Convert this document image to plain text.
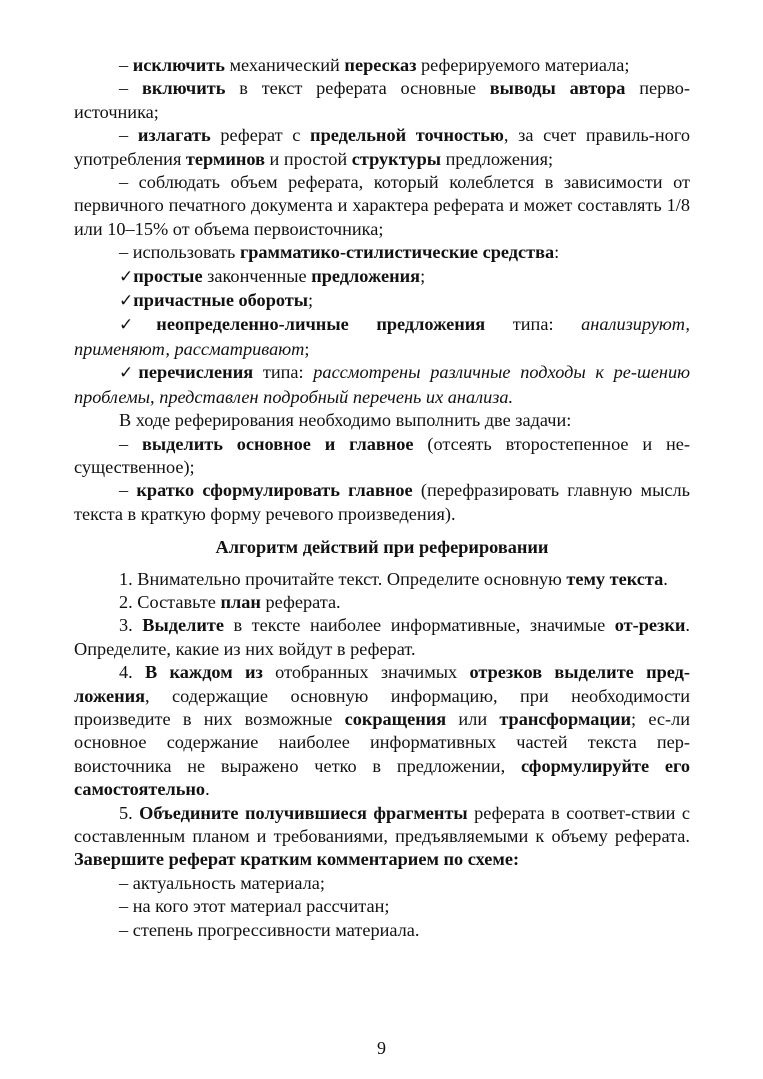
– исключить механический пересказ реферируемого материала;

– включить в текст реферата основные выводы автора перво-источника;

– излагать реферат с предельной точностью, за счет правиль-ного употребления терминов и простой структуры предложения;

– соблюдать объем реферата, который колеблется в зависимости от первичного печатного документа и характера реферата и может составлять 1/8 или 10–15% от объема первоисточника;

– использовать грамматико-стилистические средства:

✓простые законченные предложения;

✓причастные обороты;

✓неопределенно-личные предложения типа: анализируют, применяют, рассматривают;

✓перечисления типа: рассмотрены различные подходы к ре-шению проблемы, представлен подробный перечень их анализа.

В ходе реферирования необходимо выполнить две задачи:

– выделить основное и главное (отсеять второстепенное и не-существенное);

– кратко сформулировать главное (перефразировать главную мысль текста в краткую форму речевого произведения).

Алгоритм действий при реферировании

1. Внимательно прочитайте текст. Определите основную тему текста.

2. Составьте план реферата.

3. Выделите в тексте наиболее информативные, значимые от-резки. Определите, какие из них войдут в реферат.

4. В каждом из отобранных значимых отрезков выделите пред-ложения, содержащие основную информацию, при необходимости произведите в них возможные сокращения или трансформации; ес-ли основное содержание наиболее информативных частей текста пер-воисточника не выражено четко в предложении, сформулируйте его самостоятельно.

5. Объедините получившиеся фрагменты реферата в соответ-ствии с составленным планом и требованиями, предъявляемыми к объему реферата. Завершите реферат кратким комментарием по схеме:

– актуальность материала;

– на кого этот материал рассчитан;

– степень прогрессивности материала.

9
